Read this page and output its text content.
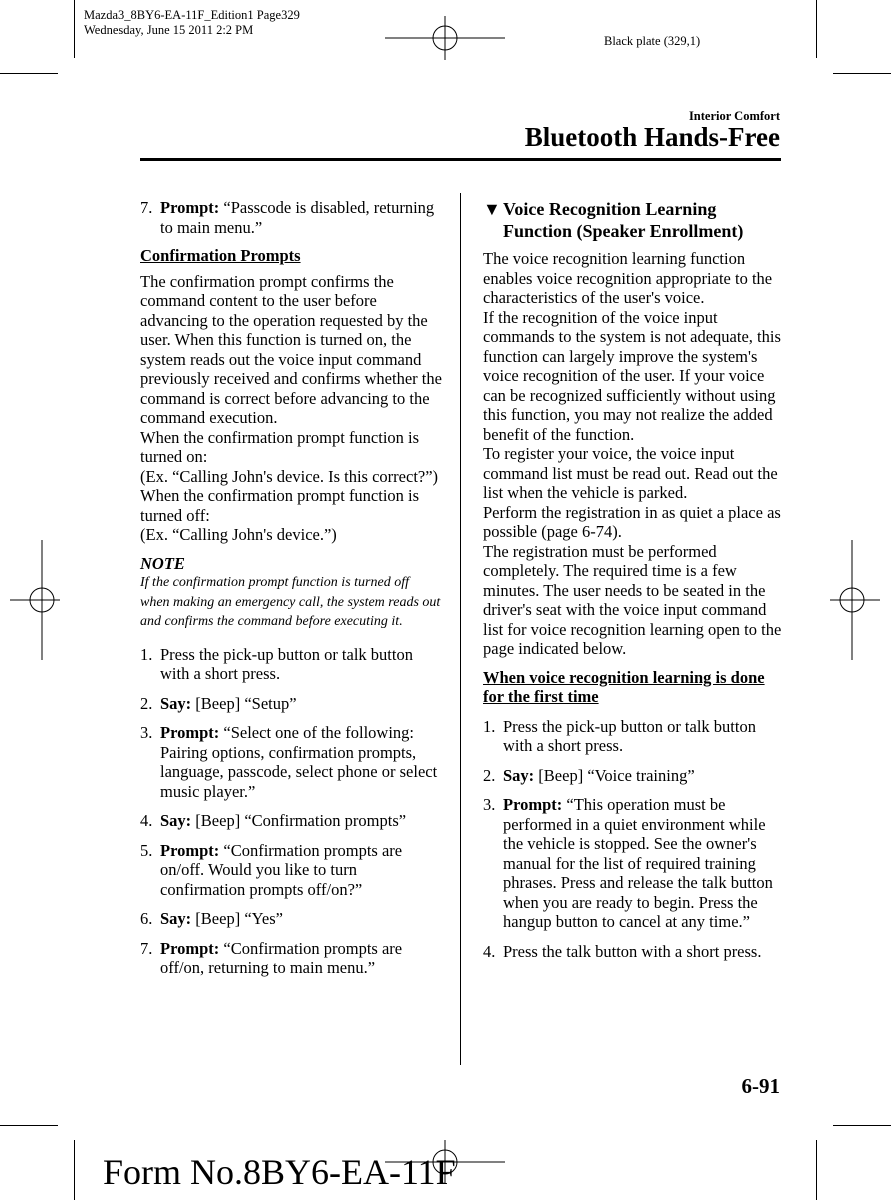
Mazda3_8BY6-EA-11F_Edition1 Page329
Wednesday, June 15 2011 2:2 PM
Black plate (329,1)
Interior Comfort
Bluetooth Hands-Free
7. Prompt: “Passcode is disabled, returning to main menu.”

Confirmation Prompts

The confirmation prompt confirms the command content to the user before advancing to the operation requested by the user. When this function is turned on, the system reads out the voice input command previously received and confirms whether the command is correct before advancing to the command execution.

When the confirmation prompt function is turned on:

(Ex. “Calling John's device. Is this correct?”)

When the confirmation prompt function is turned off:

(Ex. “Calling John's device.”)

NOTE

If the confirmation prompt function is turned off when making an emergency call, the system reads out and confirms the command before executing it.

1. Press the pick-up button or talk button with a short press.
2. Say: [Beep] “Setup”
3. Prompt: “Select one of the following: Pairing options, confirmation prompts, language, passcode, select phone or select music player.”
4. Say: [Beep] “Confirmation prompts”
5. Prompt: “Confirmation prompts are on/off. Would you like to turn confirmation prompts off/on?”
6. Say: [Beep] “Yes”
7. Prompt: “Confirmation prompts are off/on, returning to main menu.”
▼ Voice Recognition Learning Function (Speaker Enrollment)

The voice recognition learning function enables voice recognition appropriate to the characteristics of the user's voice.

If the recognition of the voice input commands to the system is not adequate, this function can largely improve the system's voice recognition of the user. If your voice can be recognized sufficiently without using this function, you may not realize the added benefit of the function.

To register your voice, the voice input command list must be read out. Read out the list when the vehicle is parked.

Perform the registration in as quiet a place as possible (page 6-74).

The registration must be performed completely. The required time is a few minutes. The user needs to be seated in the driver's seat with the voice input command list for voice recognition learning open to the page indicated below.

When voice recognition learning is done for the first time

1. Press the pick-up button or talk button with a short press.
2. Say: [Beep] “Voice training”
3. Prompt: “This operation must be performed in a quiet environment while the vehicle is stopped. See the owner's manual for the list of required training phrases. Press and release the talk button when you are ready to begin. Press the hangup button to cancel at any time.”
4. Press the talk button with a short press.
6-91
Form No.8BY6-EA-11F
